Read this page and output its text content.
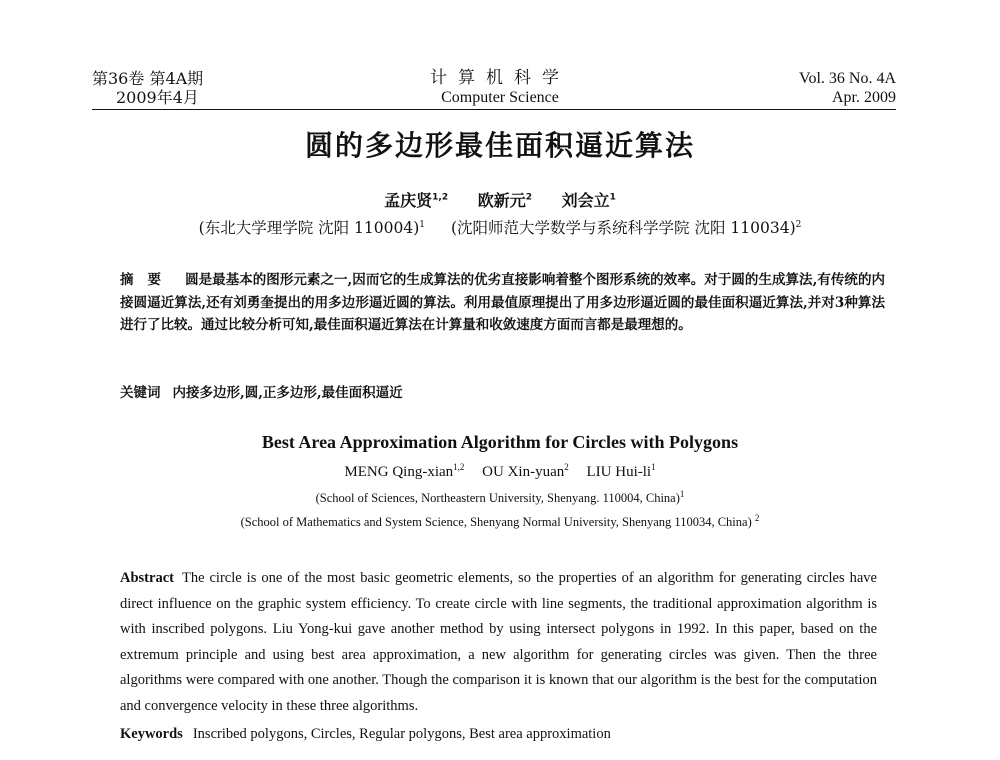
第36卷 第4A期
2009年4月
计算机科学
Computer Science
Vol. 36 No. 4A
Apr. 2009
圆的多边形最佳面积逼近算法
孟庆贤$^{1,2}$ 欧新元$^2$ 刘会立$^1$
(东北大学理学院 沈阳 110004)$^1$ (沈阳师范大学数学与系统科学学院 沈阳 110034)$^2$
摘要 圆是最基本的图形元素之一,因而它的生成算法的优劣直接影响着整个图形系统的效率。对于圆的生成算法,有传统的内接圆逼近算法,还有刘勇奎提出的用多边形逼近圆的算法。利用最值原理提出了用多边形逼近圆的最佳面积逼近算法,并对3种算法进行了比较。通过比较分析可知,最佳面积逼近算法在计算量和收敛速度方面而言都是最理想的。
关键词 内接多边形,圆,正多边形,最佳面积逼近
Best Area Approximation Algorithm for Circles with Polygons
MENG Qing-xian$^{1,2}$ OU Xin-yuan$^2$ LIU Hui-$li^1$
(School of Sciences, Northeastern University, Shenyang. 110004, China)$^1$
(School of Mathematics and System Science, Shenyang Normal University, Shenyang 110034, China) $^2$
Abstract The circle is one of the most basic geometric elements, so the properties of an algorithm for generating circles have direct influence on the graphic system efficiency. To create circle with line segments, the traditional approximation algorithm is with inscribed polygons. Liu Yong-kui gave another method by using intersect polygons in 1992. In this paper, based on the extremum principle and using best area approximation, a new algorithm for generating circles was given. Then the three algorithms were compared with one another. Though the comparison it is known that our algorithm is the best for the computation and convergence velocity in these three algorithms.
Keywords Inscribed polygons, Circles, Regular polygons, Best area approximation
